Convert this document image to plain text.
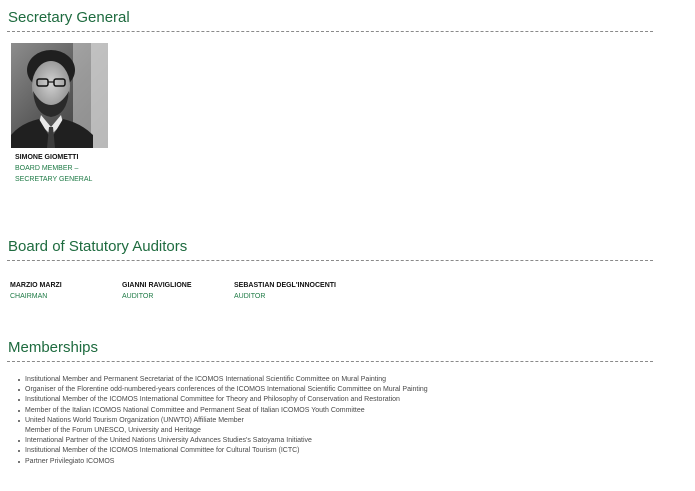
Secretary General
SIMONE GIOMETTI
BOARD MEMBER –
SECRETARY GENERAL
Board of Statutory Auditors
MARZIO MARZI
CHAIRMAN
GIANNI RAVIGLIONE
AUDITOR
SEBASTIAN DEGL'INNOCENTI
AUDITOR
Memberships
Institutional Member and Permanent Secretariat of the ICOMOS International Scientific Committee on Mural Painting
Organiser of the Florentine odd-numbered-years conferences of the ICOMOS International Scientific Committee on Mural Painting
Institutional Member of the ICOMOS International Committee for Theory and Philosophy of Conservation and Restoration
Member of the Italian ICOMOS National Committee and Permanent Seat of Italian ICOMOS Youth Committee
United Nations World Tourism Organization (UNWTO) Affiliate Member
Member of the Forum UNESCO, University and Heritage
International Partner of the United Nations University Advances Studies's Satoyama Initiative
Institutional Member of the ICOMOS International Committee for Cultural Tourism (ICTC)
Partner Privilegiato ICOMOS
